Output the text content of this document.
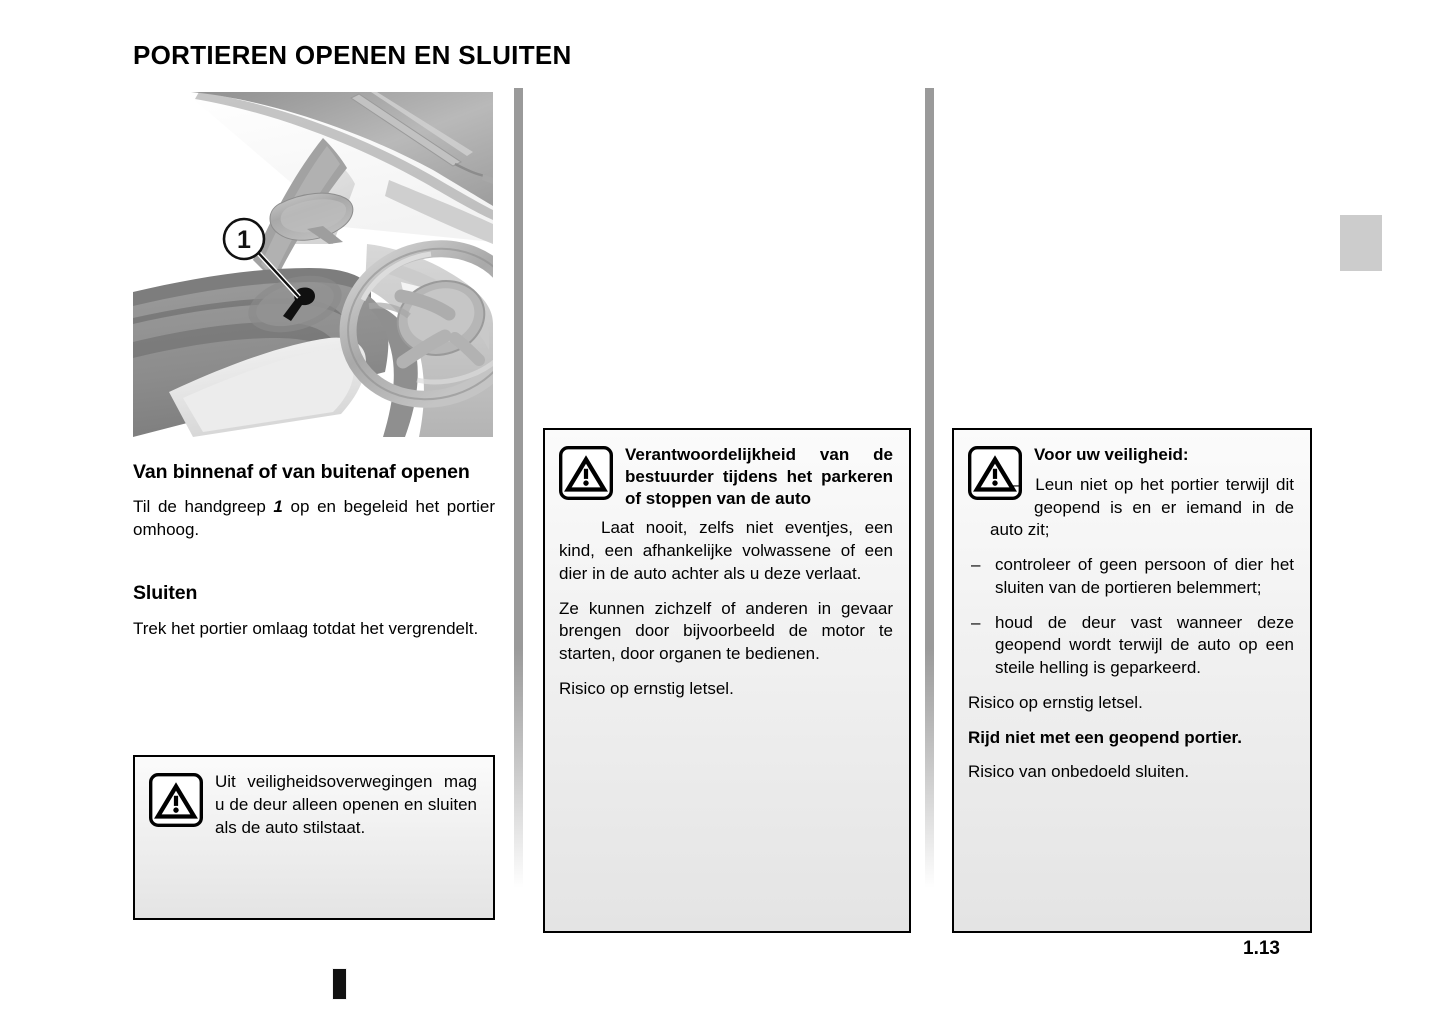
PORTIEREN OPENEN EN SLUITEN
1.13
1
Van binnenaf of van buitenaf openen

Til de handgreep 1 op en begeleid het portier omhoog.

Sluiten

Trek het portier omlaag totdat het vergrendelt.

Uit veiligheidsoverwegingen mag u de deur alleen openen en sluiten als de auto stilstaat.

Verantwoordelijkheid van de bestuurder tijdens het parkeren of stoppen van de auto

Laat nooit, zelfs niet eventjes, een kind, een afhankelijke volwassene of een dier in de auto achter als u deze verlaat.

Ze kunnen zichzelf of anderen in gevaar brengen door bijvoorbeeld de motor te starten, door organen te bedienen.

Risico op ernstig letsel.

Voor uw veiligheid:

–  Leun niet op het portier terwijl dit geopend is en er iemand in de auto zit;

– controleer of geen persoon of dier het sluiten van de portieren belemmert;
– houd de deur vast wanneer deze geopend wordt terwijl de auto op een steile helling is geparkeerd.

Risico op ernstig letsel.

Rijd niet met een geopend portier.

Risico van onbedoeld sluiten.
